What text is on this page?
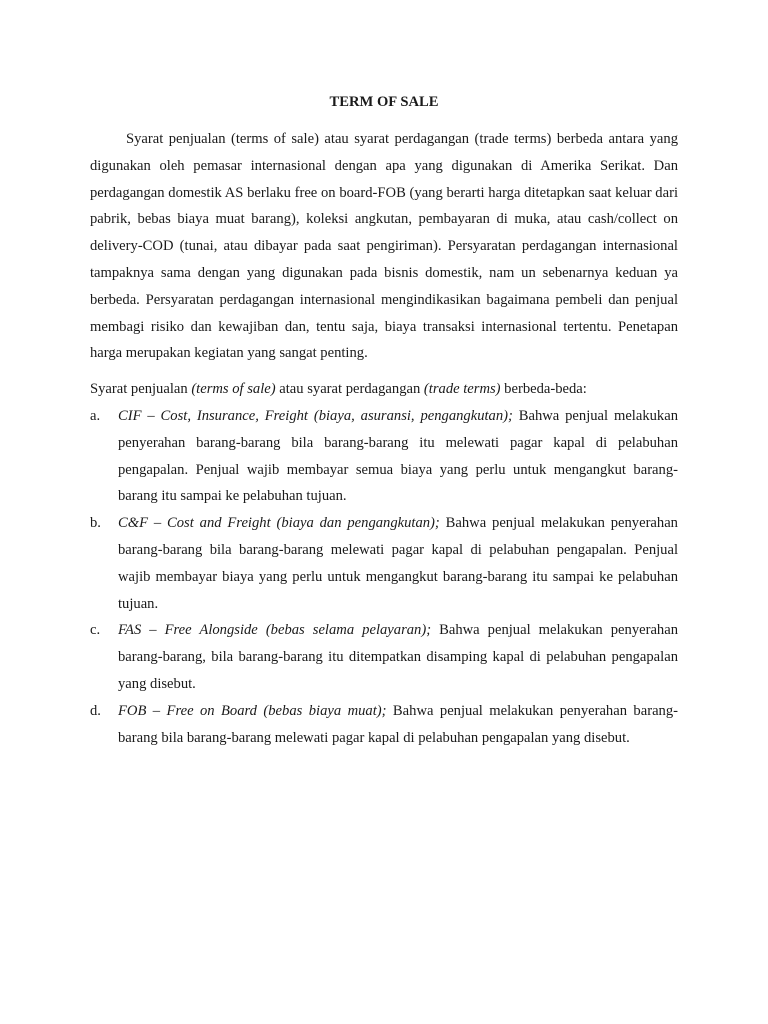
TERM OF SALE

Syarat penjualan (terms of sale) atau syarat perdagangan (trade terms) berbeda antara yang digunakan oleh pemasar internasional dengan apa yang digunakan di Amerika Serikat. Dan perdagangan domestik AS berlaku free on board-FOB (yang berarti harga ditetapkan saat keluar dari pabrik, bebas biaya muat barang), koleksi angkutan, pembayaran di muka, atau cash/collect on delivery-COD (tunai, atau dibayar pada saat pengiriman). Persyaratan perdagangan internasional tampaknya sama dengan yang digunakan pada bisnis domestik, nam un sebenarnya keduan ya berbeda. Persyaratan perdagangan internasional mengindikasikan bagaimana pembeli dan penjual membagi risiko dan kewajiban dan, tentu saja, biaya transaksi internasional tertentu. Penetapan harga merupakan kegiatan yang sangat penting.

Syarat penjualan (terms of sale) atau syarat perdagangan (trade terms) berbeda-beda:

a. CIF – Cost, Insurance, Freight (biaya, asuransi, pengangkutan); Bahwa penjual melakukan penyerahan barang-barang bila barang-barang itu melewati pagar kapal di pelabuhan pengapalan. Penjual wajib membayar semua biaya yang perlu untuk mengangkut barang-barang itu sampai ke pelabuhan tujuan.
b. C&F – Cost and Freight (biaya dan pengangkutan); Bahwa penjual melakukan penyerahan barang-barang bila barang-barang melewati pagar kapal di pelabuhan pengapalan. Penjual wajib membayar biaya yang perlu untuk mengangkut barang-barang itu sampai ke pelabuhan tujuan.
c. FAS – Free Alongside (bebas selama pelayaran); Bahwa penjual melakukan penyerahan barang-barang, bila barang-barang itu ditempatkan disamping kapal di pelabuhan pengapalan yang disebut.
d. FOB – Free on Board (bebas biaya muat); Bahwa penjual melakukan penyerahan barang-barang bila barang-barang melewati pagar kapal di pelabuhan pengapalan yang disebut.
